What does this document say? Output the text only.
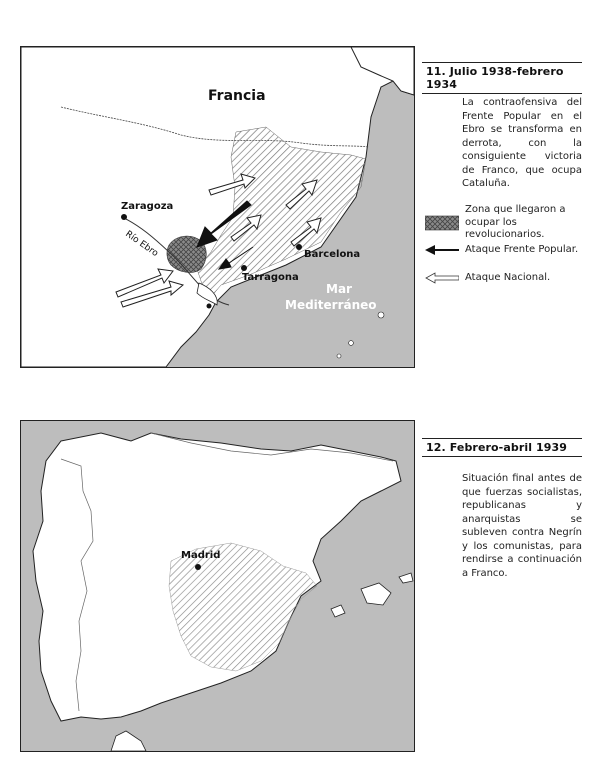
Francia
Zaragoza
Río Ebro	Barcelona
Tarragona
Mar
Mediterráneo
11. Julio 1938-febrero 1934
La contraofensiva del Frente Popular en el Ebro se transforma en derrota, con la consiguiente victoria de Franco, que ocupa Cataluña.
Zona que llegaron a ocupar los revolucionarios.
Ataque Frente Popular.
Ataque Nacional.
Madrid
12. Febrero-abril 1939
Situación final antes de que fuerzas socialistas, republicanas y anarquistas se subleven contra Negrín y los comunistas, para rendirse a continuación a Franco.
